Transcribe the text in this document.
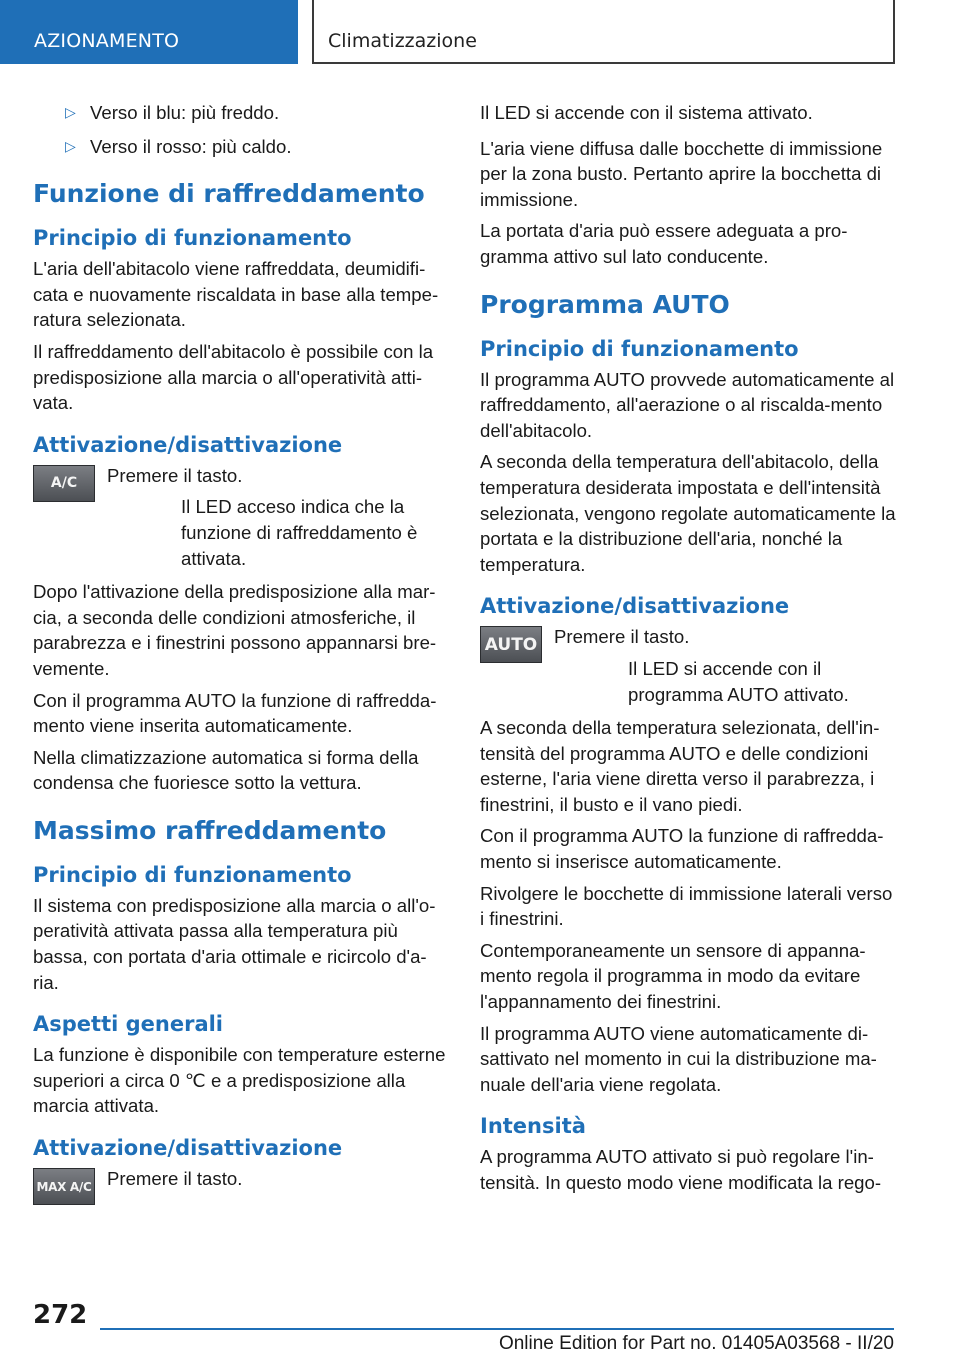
AZIONAMENTO	Climatizzazione
▷ Verso il blu: più freddo.
▷ Verso il rosso: più caldo.
Funzione di raffreddamento
Principio di funzionamento

L'aria dell'abitacolo viene raffreddata, deumidifi-cata e nuovamente riscaldata in base alla tempe-ratura selezionata.

Il raffreddamento dell'abitacolo è possibile con la predisposizione alla marcia o all'operatività atti-vata.

Attivazione/disattivazione
A/C Premere il tasto.

Il LED acceso indica che la funzione di raffreddamento è attivata.

Dopo l'attivazione della predisposizione alla mar-cia, a seconda delle condizioni atmosferiche, il parabrezza e i finestrini possono appannarsi bre-vemente.

Con il programma AUTO la funzione di raffredda-mento viene inserita automaticamente.

Nella climatizzazione automatica si forma della condensa che fuoriesce sotto la vettura.

Massimo raffreddamento
Principio di funzionamento

Il sistema con predisposizione alla marcia o all'o-peratività attivata passa alla temperatura più bassa, con portata d'aria ottimale e ricircolo d'a-ria.

Aspetti generali

La funzione è disponibile con temperature esterne superiori a circa 0 ℃ e a predisposizione alla marcia attivata.

Attivazione/disattivazione
MAX A/C Premere il tasto.

Il LED si accende con il sistema attivato.

L'aria viene diffusa dalle bocchette di immissione per la zona busto. Pertanto aprire la bocchetta di immissione.

La portata d'aria può essere adeguata a pro-gramma attivo sul lato conducente.

Programma AUTO
Principio di funzionamento

Il programma AUTO provvede automaticamente al raffreddamento, all'aerazione o al riscalda-mento dell'abitacolo.

A seconda della temperatura dell'abitacolo, della temperatura desiderata impostata e dell'intensità selezionata, vengono regolate automaticamente la portata e la distribuzione dell'aria, nonché la temperatura.

Attivazione/disattivazione
AUTO Premere il tasto.

Il LED si accende con il programma AUTO attivato.

A seconda della temperatura selezionata, dell'in-tensità del programma AUTO e delle condizioni esterne, l'aria viene diretta verso il parabrezza, i finestrini, il busto e il vano piedi.

Con il programma AUTO la funzione di raffredda-mento si inserisce automaticamente.

Rivolgere le bocchette di immissione laterali verso i finestrini.

Contemporaneamente un sensore di appanna-mento regola il programma in modo da evitare l'appannamento dei finestrini.

Il programma AUTO viene automaticamente di-sattivato nel momento in cui la distribuzione ma-nuale dell'aria viene regolata.

Intensità

A programma AUTO attivato si può regolare l'in-tensità. In questo modo viene modificata la rego-

272
Online Edition for Part no. 01405A03568 - II/20
